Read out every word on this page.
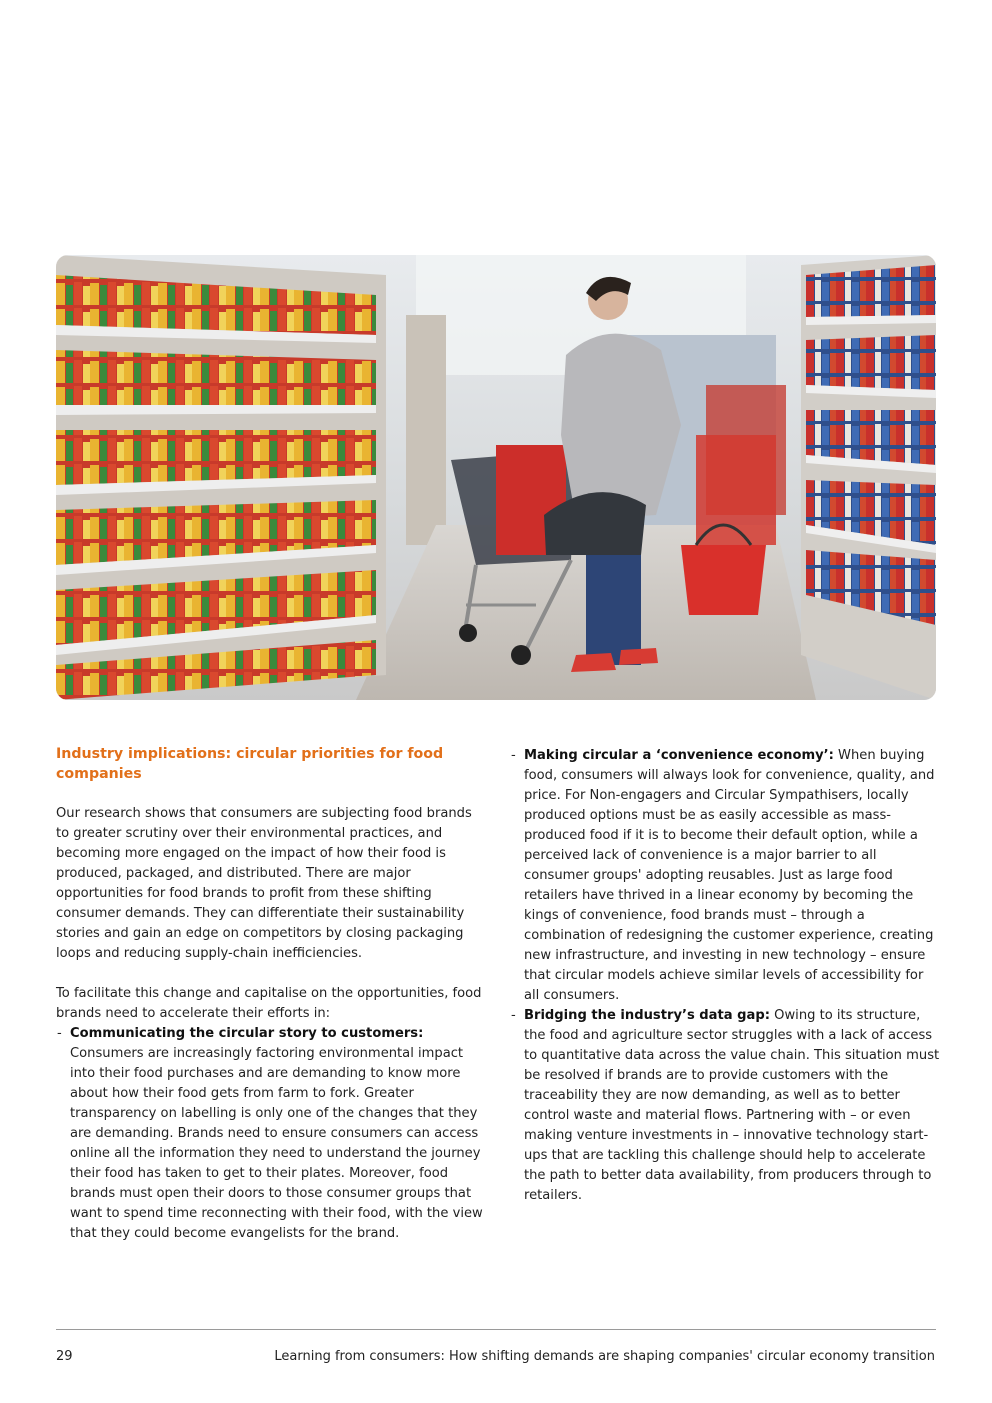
Industry implications: circular priorities for food companies

Our research shows that consumers are subjecting food brands to greater scrutiny over their environmental practices, and becoming more engaged on the impact of how their food is produced, packaged, and distributed. There are major opportunities for food brands to profit from these shifting consumer demands. They can differentiate their sustainability stories and gain an edge on competitors by closing packaging loops and reducing supply-chain inefficiencies.

To facilitate this change and capitalise on the opportunities, food brands need to accelerate their efforts in:

- Communicating the circular story to customers: Consumers are increasingly factoring environmental impact into their food purchases and are demanding to know more about how their food gets from farm to fork. Greater transparency on labelling is only one of the changes that they are demanding. Brands need to ensure consumers can access online all the information they need to understand the journey their food has taken to get to their plates. Moreover, food brands must open their doors to those consumer groups that want to spend time reconnecting with their food, with the view that they could become evangelists for the brand.
- Making circular a ‘convenience economy’: When buying food, consumers will always look for convenience, quality, and price. For Non-engagers and Circular Sympathisers, locally produced options must be as easily accessible as mass-produced food if it is to become their default option, while a perceived lack of convenience is a major barrier to all consumer groups' adopting reusables. Just as large food retailers have thrived in a linear economy by becoming the kings of convenience, food brands must – through a combination of redesigning the customer experience, creating new infrastructure, and investing in new technology – ensure that circular models achieve similar levels of accessibility for all consumers.
- Bridging the industry’s data gap: Owing to its structure, the food and agriculture sector struggles with a lack of access to quantitative data across the value chain. This situation must be resolved if brands are to provide customers with the traceability they are now demanding, as well as to better control waste and material flows. Partnering with – or even making venture investments in – innovative technology start-ups that are tackling this challenge should help to accelerate the path to better data availability, from producers through to retailers.
29	Learning from consumers: How shifting demands are shaping companies' circular economy transition
